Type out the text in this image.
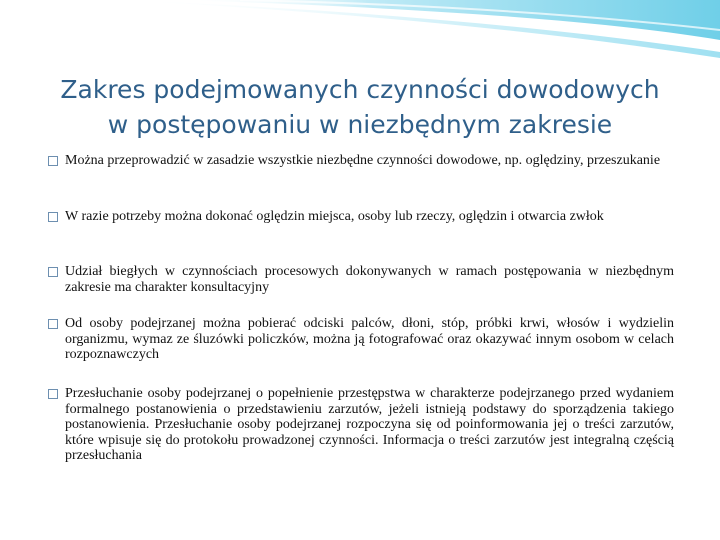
Zakres podejmowanych czynności dowodowych
w postępowaniu w niezbędnym zakresie
Można przeprowadzić w zasadzie wszystkie niezbędne czynności dowodowe, np. oględziny, przeszukanie
W razie potrzeby można dokonać oględzin miejsca, osoby lub rzeczy, oględzin i otwarcia zwłok
Udział biegłych w czynnościach procesowych dokonywanych w ramach postępowania w niezbędnym zakresie ma charakter konsultacyjny
Od osoby podejrzanej można pobierać odciski palców, dłoni, stóp, próbki krwi, włosów i wydzielin organizmu, wymaz ze śluzówki policzków, można ją fotografować oraz okazywać innym osobom w celach rozpoznawczych
Przesłuchanie osoby podejrzanej o popełnienie przestępstwa w charakterze podejrzanego przed wydaniem formalnego postanowienia o przedstawieniu zarzutów, jeżeli istnieją podstawy do sporządzenia takiego postanowienia. Przesłuchanie osoby podejrzanej rozpoczyna się od poinformowania jej o treści zarzutów, które wpisuje się do protokołu prowadzonej czynności. Informacja o treści zarzutów jest integralną częścią przesłuchania
